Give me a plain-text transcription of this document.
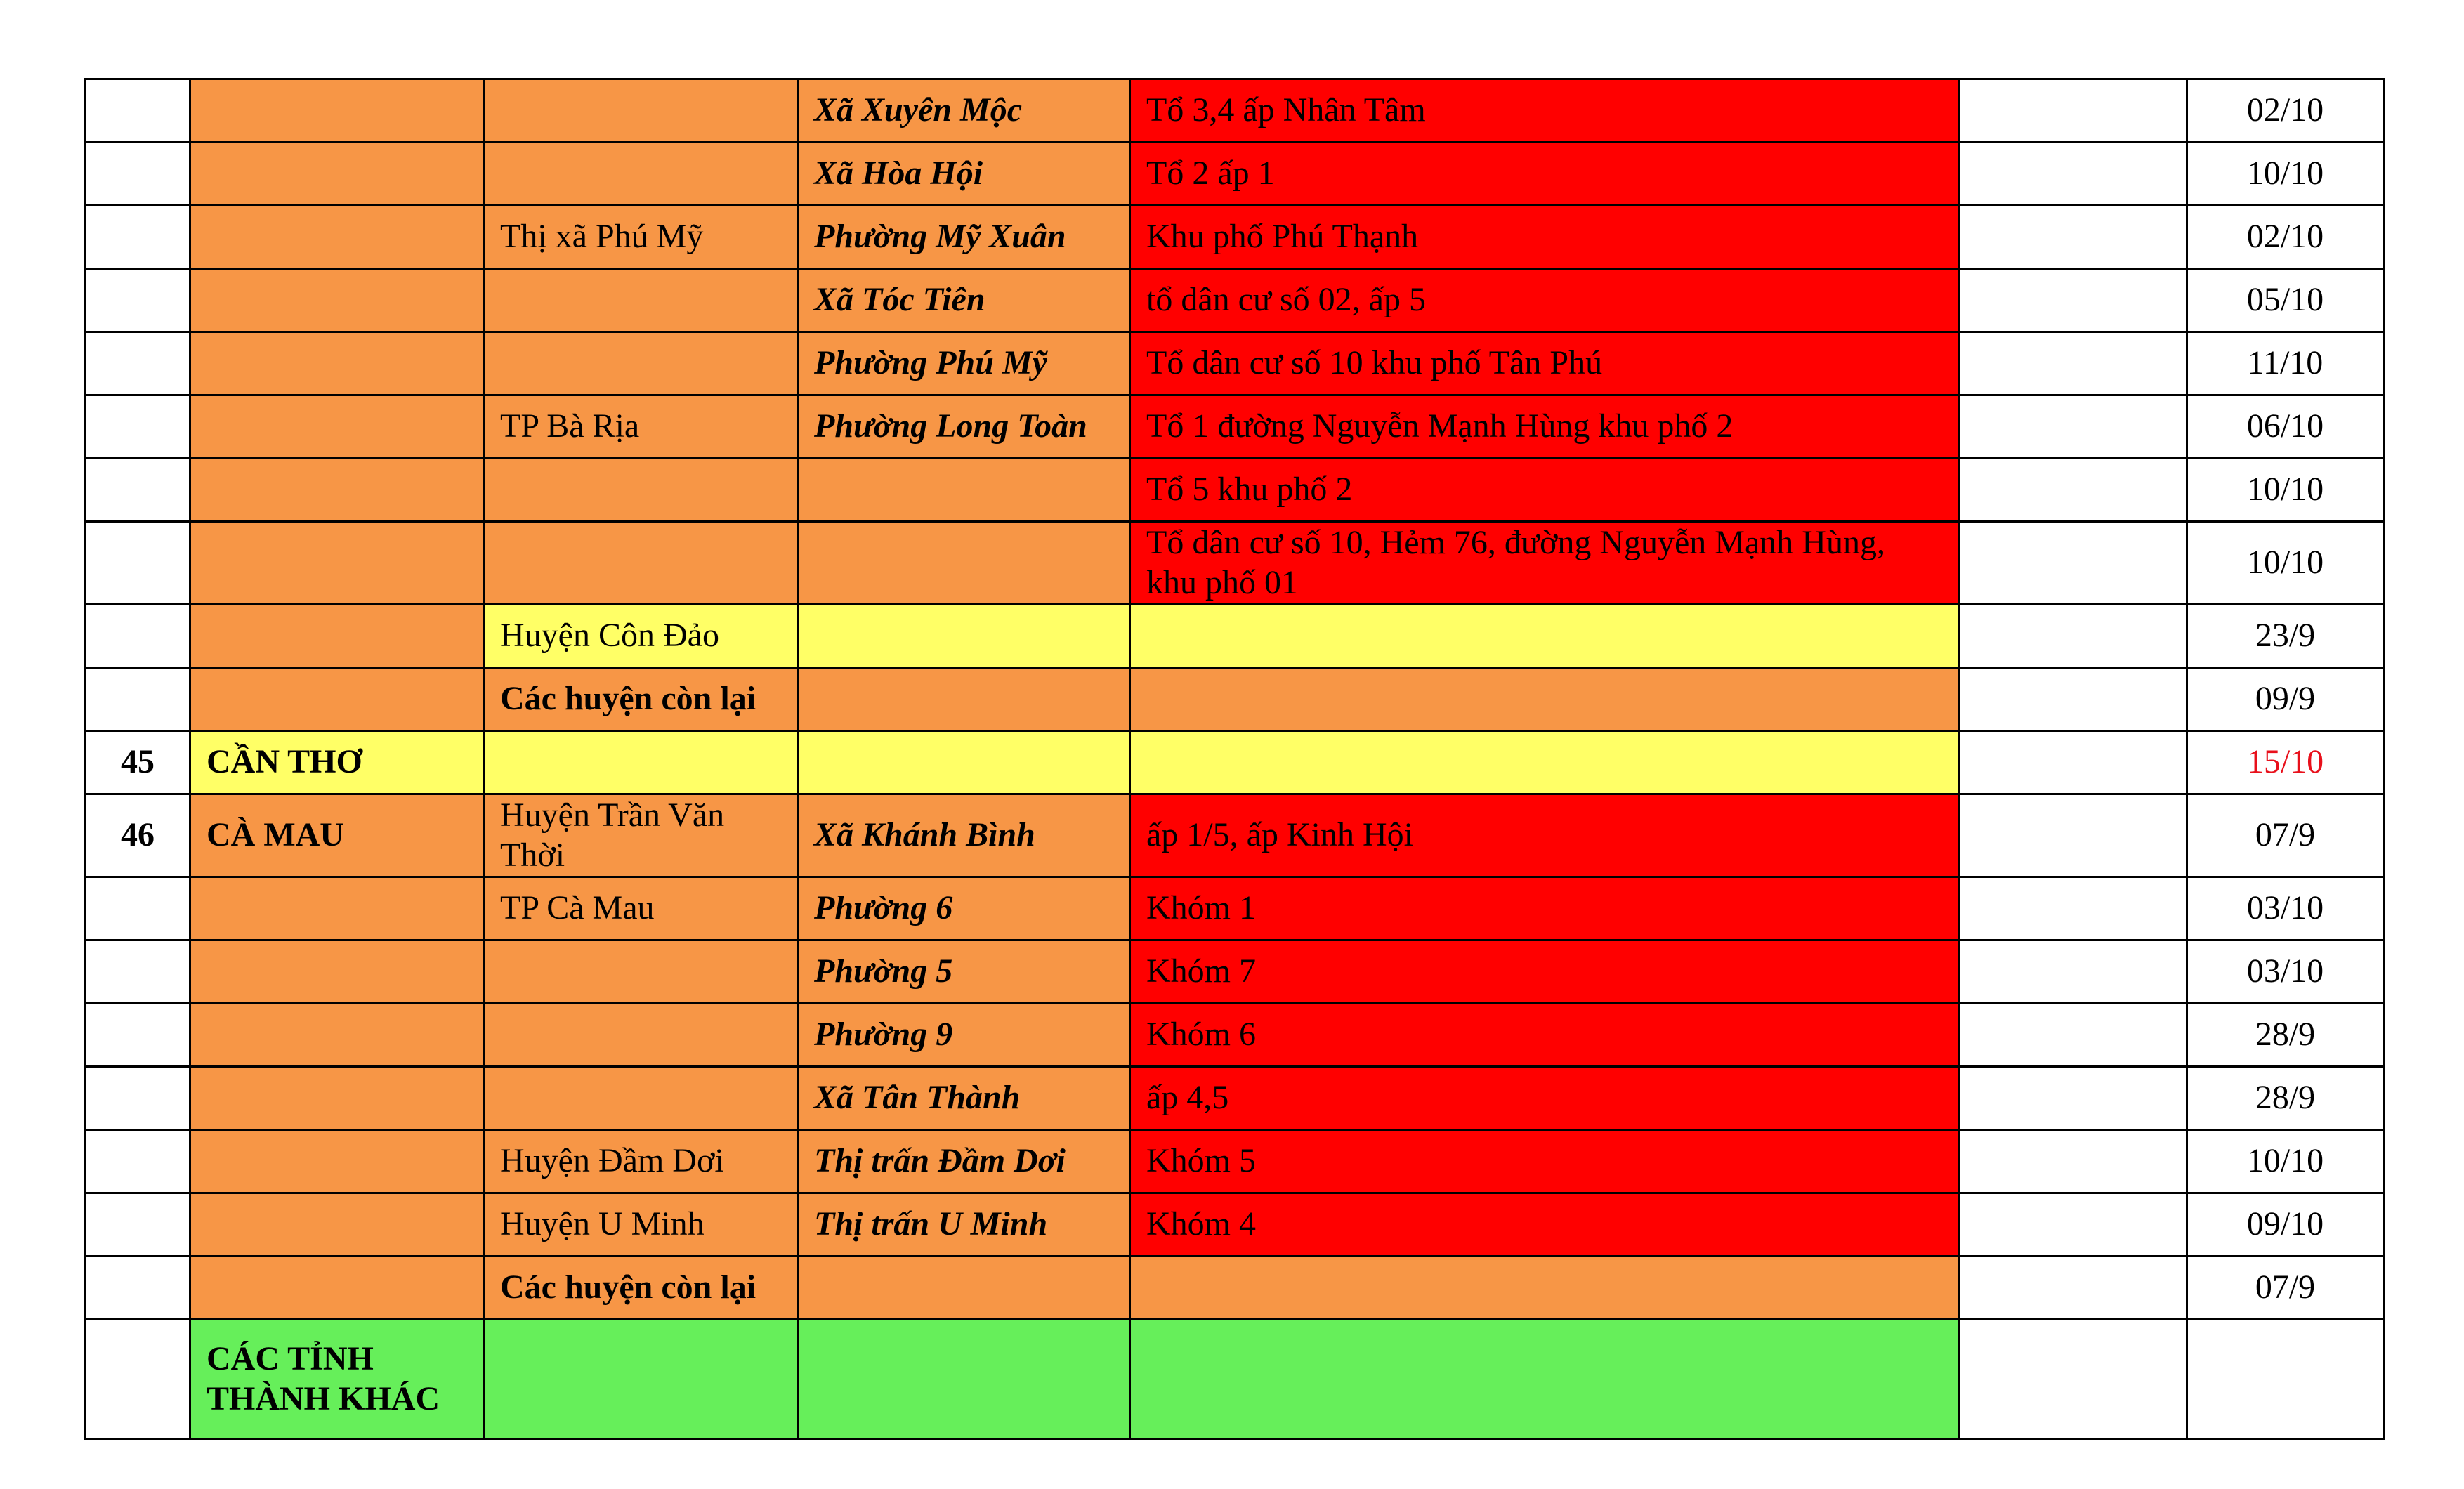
			Xã Xuyên Mộc	Tổ 3,4 ấp Nhân Tâm		02/10
			Xã Hòa Hội	Tổ 2 ấp 1		10/10
		Thị xã Phú Mỹ	Phường Mỹ Xuân	Khu phố Phú Thạnh		02/10
			Xã Tóc Tiên	tổ dân cư số 02, ấp 5		05/10
			Phường Phú Mỹ	Tổ dân cư số 10 khu phố Tân Phú		11/10
		TP Bà Rịa	Phường Long Toàn	Tổ 1 đường Nguyễn Mạnh Hùng khu phố 2		06/10
				Tổ 5 khu phố 2		10/10
				Tổ dân cư số 10, Hẻm 76, đường Nguyễn Mạnh Hùng, khu phố 01		10/10
		Huyện Côn Đảo				23/9
		Các huyện còn lại				09/9
45	CẦN THƠ					15/10
46	CÀ MAU	Huyện Trần Văn Thời	Xã Khánh Bình	ấp 1/5, ấp Kinh Hội		07/9
		TP Cà Mau	Phường 6	Khóm 1		03/10
			Phường 5	Khóm 7		03/10
			Phường 9	Khóm 6		28/9
			Xã Tân Thành	ấp 4,5		28/9
		Huyện Đầm Dơi	Thị trấn Đầm Dơi	Khóm 5		10/10
		Huyện U Minh	Thị trấn U Minh	Khóm 4		09/10
		Các huyện còn lại				07/9
	CÁC TỈNH THÀNH KHÁC					
